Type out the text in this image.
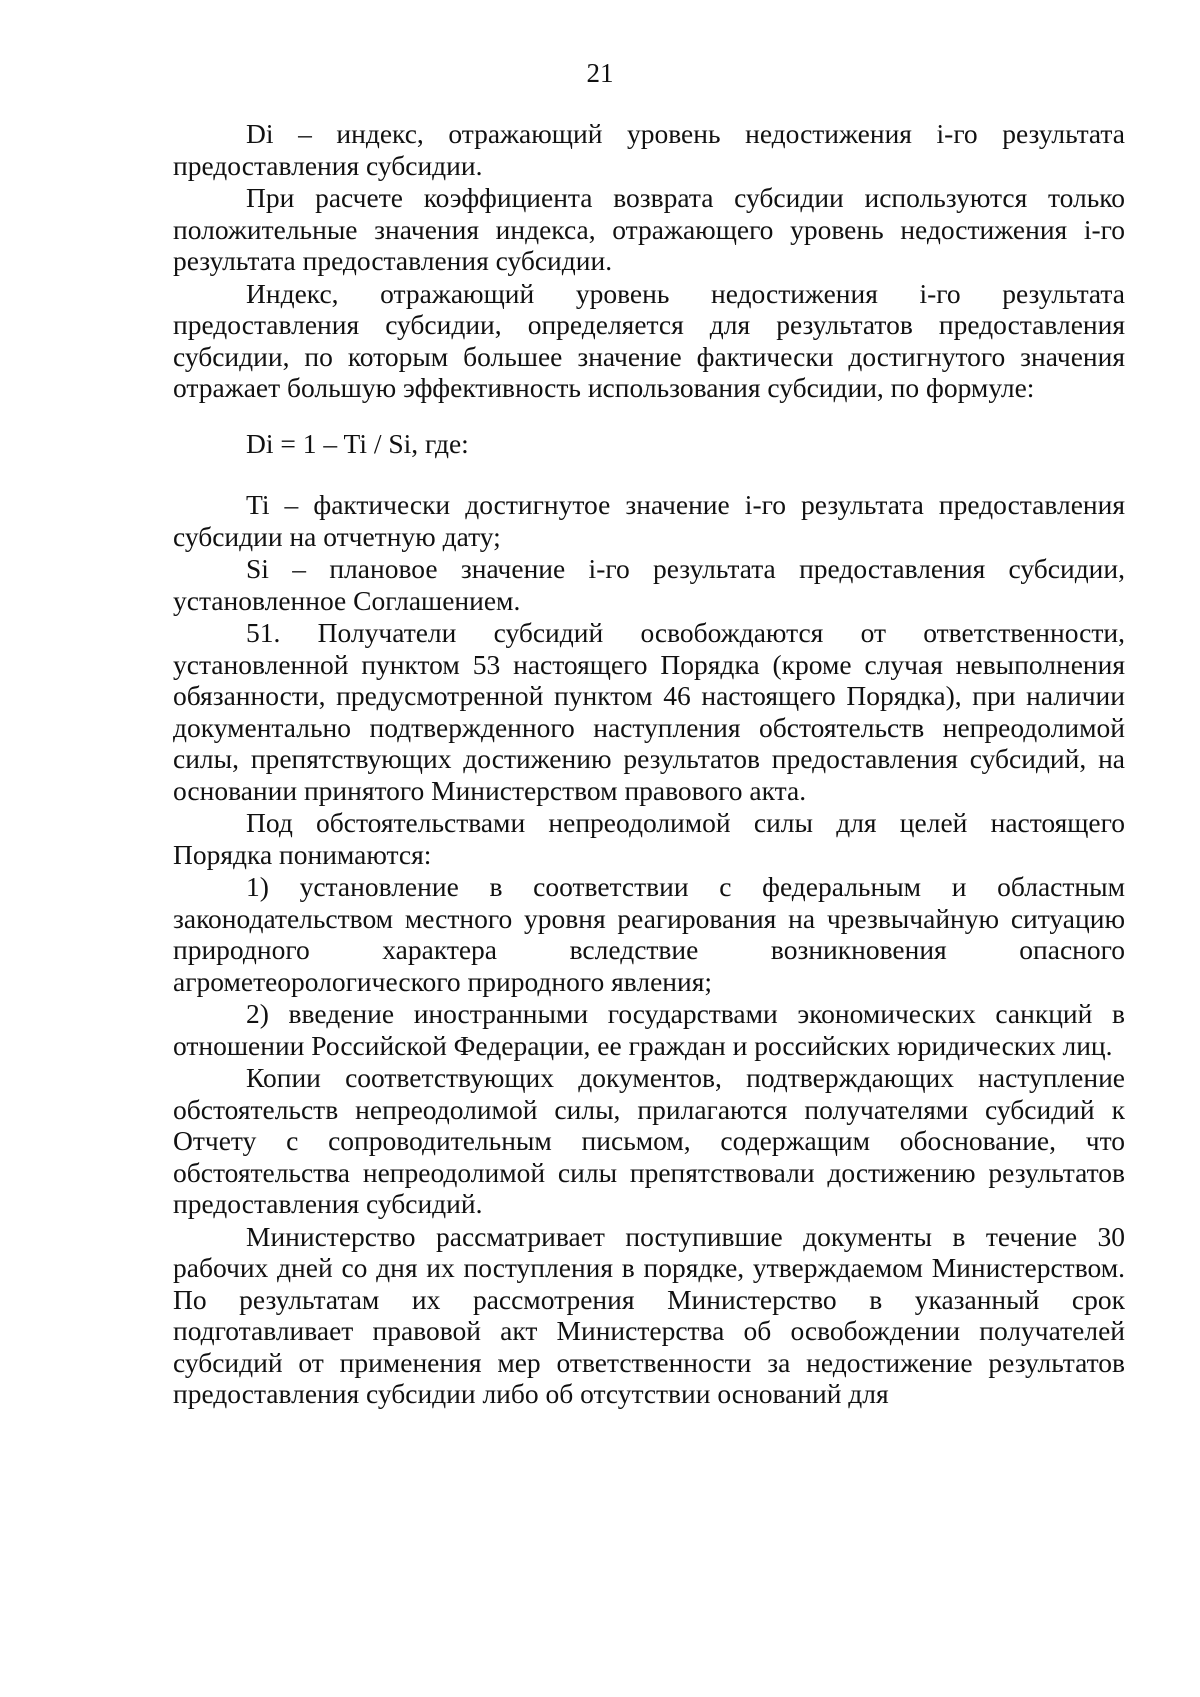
21

Di – индекс, отражающий уровень недостижения i-го результата предоставления субсидии.

При расчете коэффициента возврата субсидии используются только положительные значения индекса, отражающего уровень недостижения i-го результата предоставления субсидии.

Индекс, отражающий уровень недостижения i-го результата предоставления субсидии, определяется для результатов предоставления субсидии, по которым большее значение фактически достигнутого значения отражает большую эффективность использования субсидии, по формуле:

Di = 1 – Ti / Si, где:

Ti – фактически достигнутое значение i-го результата предоставления субсидии на отчетную дату;

Si – плановое значение i-го результата предоставления субсидии, установленное Соглашением.

51. Получатели субсидий освобождаются от ответственности, установленной пунктом 53 настоящего Порядка (кроме случая невыполнения обязанности, предусмотренной пунктом 46 настоящего Порядка), при наличии документально подтвержденного наступления обстоятельств непреодолимой силы, препятствующих достижению результатов предоставления субсидий, на основании принятого Министерством правового акта.

Под обстоятельствами непреодолимой силы для целей настоящего Порядка понимаются:

1) установление в соответствии с федеральным и областным законодательством местного уровня реагирования на чрезвычайную ситуацию природного характера вследствие возникновения опасного агрометеорологического природного явления;

2) введение иностранными государствами экономических санкций в отношении Российской Федерации, ее граждан и российских юридических лиц.

Копии соответствующих документов, подтверждающих наступление обстоятельств непреодолимой силы, прилагаются получателями субсидий к Отчету с сопроводительным письмом, содержащим обоснование, что обстоятельства непреодолимой силы препятствовали достижению результатов предоставления субсидий.

Министерство рассматривает поступившие документы в течение 30 рабочих дней со дня их поступления в порядке, утверждаемом Министерством. По результатам их рассмотрения Министерство в указанный срок подготавливает правовой акт Министерства об освобождении получателей субсидий от применения мер ответственности за недостижение результатов предоставления субсидии либо об отсутствии оснований для
